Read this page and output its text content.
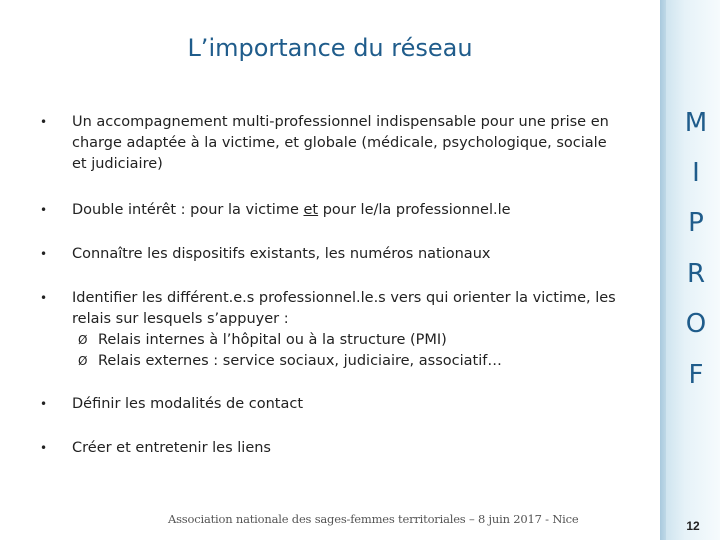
L’importance du réseau
• Un accompagnement multi-professionnel indispensable pour une prise en charge adaptée à la victime, et globale (médicale, psychologique, sociale et judiciaire)
• Double intérêt : pour la victime et pour le/la professionnel.le
• Connaître les dispositifs existants, les numéros nationaux
• Identifier les différent.e.s professionnel.le.s vers qui orienter la victime, les relais sur lesquels s’appuyer :
Ø Relais internes à l’hôpital ou à la structure (PMI)
Ø Relais externes : service sociaux, judiciaire, associatif…
• Définir les modalités de contact
• Créer et entretenir les liens
M
I
P
R
O
F
Association nationale des sages-femmes territoriales – 8 juin 2017 - Nice	12
